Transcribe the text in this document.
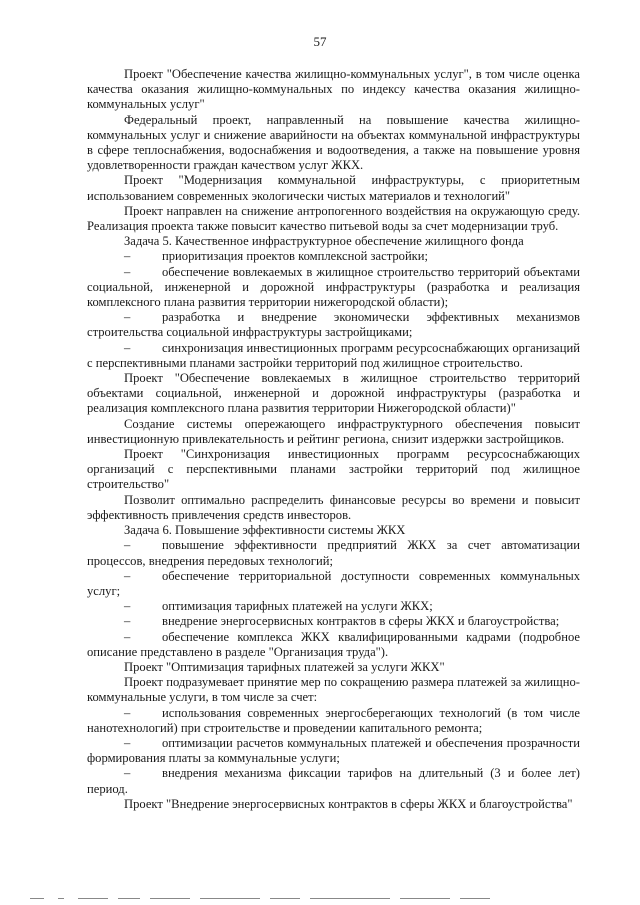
57

Проект "Обеспечение качества жилищно-коммунальных услуг", в том числе оценка качества оказания жилищно-коммунальных по индексу качества оказания жилищно-коммунальных услуг"

Федеральный проект, направленный на повышение качества жилищно-коммунальных услуг и снижение аварийности на объектах коммунальной инфраструктуры в сфере теплоснабжения, водоснабжения и водоотведения, а также на повышение уровня удовлетворенности граждан качеством услуг ЖКХ.

Проект "Модернизация коммунальной инфраструктуры, с приоритетным использованием современных экологически чистых материалов и технологий"

Проект направлен на снижение антропогенного воздействия на окружающую среду. Реализация проекта также повысит качество питьевой воды за счет модернизации труб.

Задача 5. Качественное инфраструктурное обеспечение жилищного фонда

–	приоритизация проектов комплексной застройки;

–	обеспечение вовлекаемых в жилищное строительство территорий объектами социальной, инженерной и дорожной инфраструктуры (разработка и реализация комплексного плана развития территории нижегородской области);

–	разработка и внедрение экономически эффективных механизмов строительства социальной инфраструктуры застройщиками;

–	синхронизация инвестиционных программ ресурсоснабжающих организаций с перспективными планами застройки территорий под жилищное строительство.

Проект "Обеспечение вовлекаемых в жилищное строительство территорий объектами социальной, инженерной и дорожной инфраструктуры (разработка и реализация комплексного плана развития территории Нижегородской области)"

Создание системы опережающего инфраструктурного обеспечения повысит инвестиционную привлекательность и рейтинг региона, снизит издержки застройщиков.

Проект "Синхронизация инвестиционных программ ресурсоснабжающих организаций с перспективными планами застройки территорий под жилищное строительство"

Позволит оптимально распределить финансовые ресурсы во времени и повысит эффективность привлечения средств инвесторов.

Задача 6. Повышение эффективности системы ЖКХ

–	повышение эффективности предприятий ЖКХ за счет автоматизации процессов, внедрения передовых технологий;

–	обеспечение территориальной доступности современных коммунальных услуг;

–	оптимизация тарифных платежей на услуги ЖКХ;

–	внедрение энергосервисных контрактов в сферы ЖКХ и благоустройства;

–	обеспечение комплекса ЖКХ квалифицированными кадрами (подробное описание представлено в разделе "Организация труда").

Проект "Оптимизация тарифных платежей за услуги ЖКХ"

Проект подразумевает принятие мер по сокращению размера платежей за жилищно-коммунальные услуги, в том числе за счет:

–	использования современных энергосберегающих технологий (в том числе нанотехнологий) при строительстве и проведении капитального ремонта;

–	оптимизации расчетов коммунальных платежей и обеспечения прозрачности формирования платы за коммунальные услуги;

–	внедрения механизма фиксации тарифов на длительный (3 и более лет) период.

Проект "Внедрение энергосервисных контрактов в сферы ЖКХ и благоустройства"
